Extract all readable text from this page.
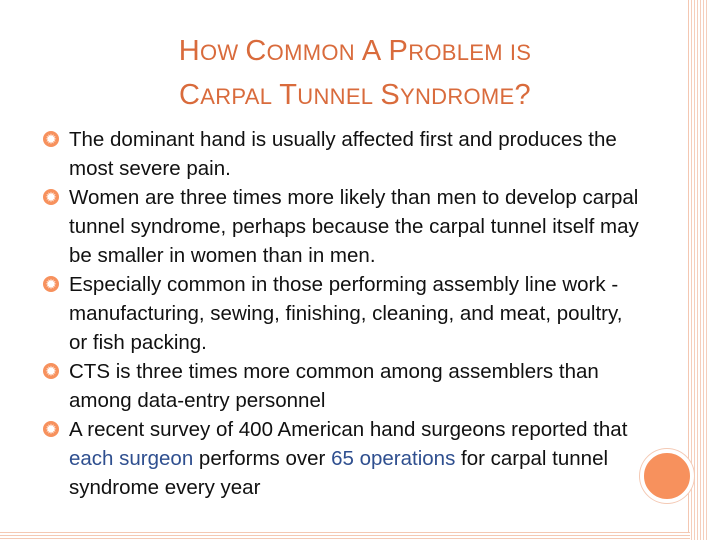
HOW COMMON A PROBLEM IS
CARPAL TUNNEL SYNDROME?
✹ The dominant hand is usually affected first and produces the most severe pain.
✹ Women are three times more likely than men to develop carpal tunnel syndrome, perhaps because the carpal tunnel itself may be smaller in women than in men.
✹ Especially common in those performing assembly line work - manufacturing, sewing, finishing, cleaning, and meat, poultry, or fish packing.
✹ CTS is three times more common among assemblers than among data-entry personnel
✹ A recent survey of 400 American hand surgeons reported that each surgeon performs over 65 operations for carpal tunnel syndrome every year
